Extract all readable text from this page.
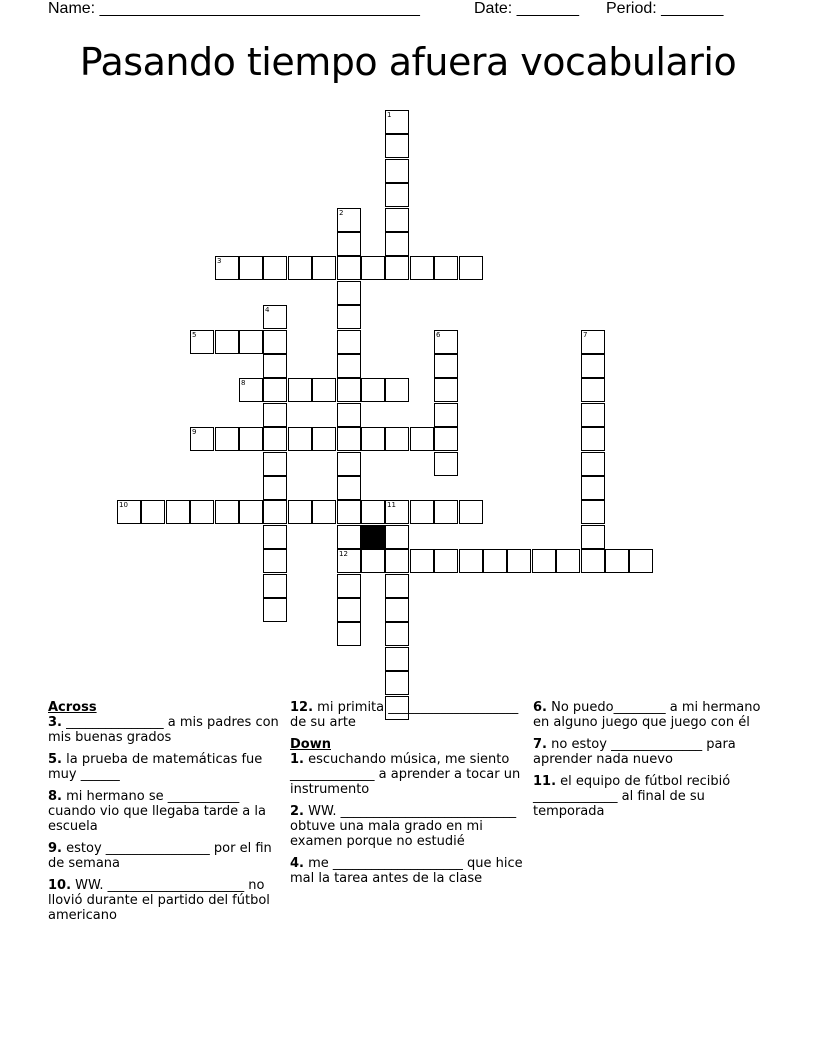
Name: ____________________________________	Date: _______ Period: _______
Pasando tiempo afuera vocabulario
3
5
8
9
10	11
12
1
2
4
6	7
Across
3. _______________ a mis padres con mis buenas grados
5. la prueba de matemáticas fue muy ______
8. mi hermano se ___________ cuando vio que llegaba tarde a la escuela
9. estoy ________________ por el fin de semana
10. WW. _____________________ no llovió durante el partido del fútbol americano
12. mi primita ____________________ de su arte
Down
1. escuchando música, me siento _____________ a aprender a tocar un instrumento
2. WW. ___________________________ obtuve una mala grado en mi examen porque no estudié
4. me ____________________ que hice mal la tarea antes de la clase
6. No puedo________ a mi hermano en alguno juego que juego con él
7. no estoy ______________ para aprender nada nuevo
11. el equipo de fútbol recibió _____________ al final de su temporada
